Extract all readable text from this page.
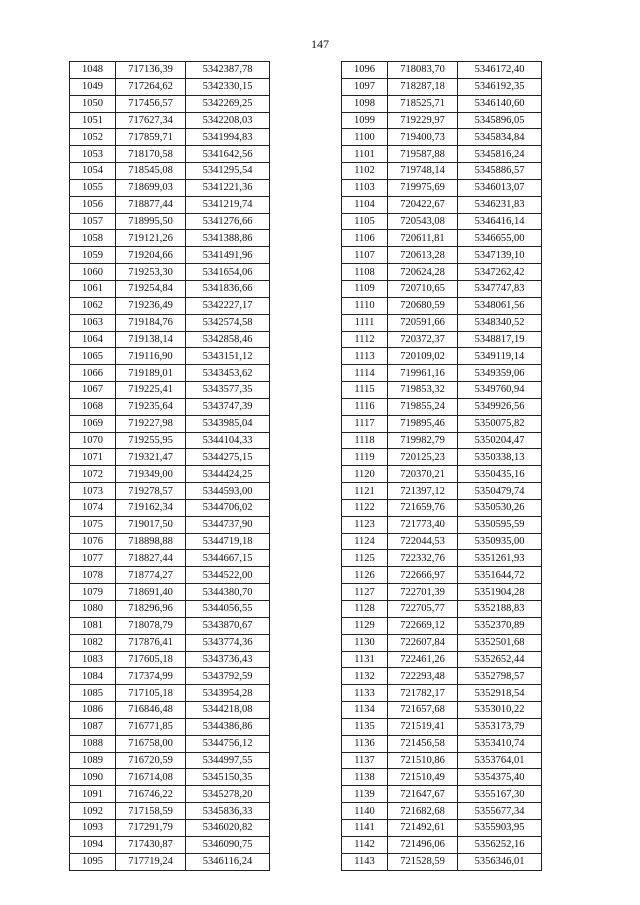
147
1048	717136,39	5342387,78
1049	717264,62	5342330,15
1050	717456,57	5342269,25
1051	717627,34	5342208,03
1052	717859,71	5341994,83
1053	718170,58	5341642,56
1054	718545,08	5341295,54
1055	718699,03	5341221,36
1056	718877,44	5341219,74
1057	718995,50	5341276,66
1058	719121,26	5341388,86
1059	719204,66	5341491,96
1060	719253,30	5341654,06
1061	719254,84	5341836,66
1062	719236,49	5342227,17
1063	719184,76	5342574,58
1064	719138,14	5342858,46
1065	719116,90	5343151,12
1066	719189,01	5343453,62
1067	719225,41	5343577,35
1068	719235,64	5343747,39
1069	719227,98	5343985,04
1070	719255,95	5344104,33
1071	719321,47	5344275,15
1072	719349,00	5344424,25
1073	719278,57	5344593,00
1074	719162,34	5344706,02
1075	719017,50	5344737,90
1076	718898,88	5344719,18
1077	718827,44	5344667,15
1078	718774,27	5344522,00
1079	718691,40	5344380,70
1080	718296,96	5344056,55
1081	718078,79	5343870,67
1082	717876,41	5343774,36
1083	717605,18	5343736,43
1084	717374,99	5343792,59
1085	717105,18	5343954,28
1086	716846,48	5344218,08
1087	716771,85	5344386,86
1088	716758,00	5344756,12
1089	716720,59	5344997,55
1090	716714,08	5345150,35
1091	716746,22	5345278,20
1092	717158,59	5345836,33
1093	717291,79	5346020,82
1094	717430,87	5346090,75
1095	717719,24	5346116,24
1096	718083,70	5346172,40
1097	718287,18	5346192,35
1098	718525,71	5346140,60
1099	719229,97	5345896,05
1100	719400,73	5345834,84
1101	719587,88	5345816,24
1102	719748,14	5345886,57
1103	719975,69	5346013,07
1104	720422,67	5346231,83
1105	720543,08	5346416,14
1106	720611,81	5346655,00
1107	720613,28	5347139,10
1108	720624,28	5347262,42
1109	720710,65	5347747,83
1110	720680,59	5348061,56
1111	720591,66	5348340,52
1112	720372,37	5348817,19
1113	720109,02	5349119,14
1114	719961,16	5349359,06
1115	719853,32	5349760,94
1116	719855,24	5349926,56
1117	719895,46	5350075,82
1118	719982,79	5350204,47
1119	720125,23	5350338,13
1120	720370,21	5350435,16
1121	721397,12	5350479,74
1122	721659,76	5350530,26
1123	721773,40	5350595,59
1124	722044,53	5350935,00
1125	722332,76	5351261,93
1126	722666,97	5351644,72
1127	722701,39	5351904,28
1128	722705,77	5352188,83
1129	722669,12	5352370,89
1130	722607,84	5352501,68
1131	722461,26	5352652,44
1132	722293,48	5352798,57
1133	721782,17	5352918,54
1134	721657,68	5353010,22
1135	721519,41	5353173,79
1136	721456,58	5353410,74
1137	721510,86	5353764,01
1138	721510,49	5354375,40
1139	721647,67	5355167,30
1140	721682,68	5355677,34
1141	721492,61	5355903,95
1142	721496,06	5356252,16
1143	721528,59	5356346,01
